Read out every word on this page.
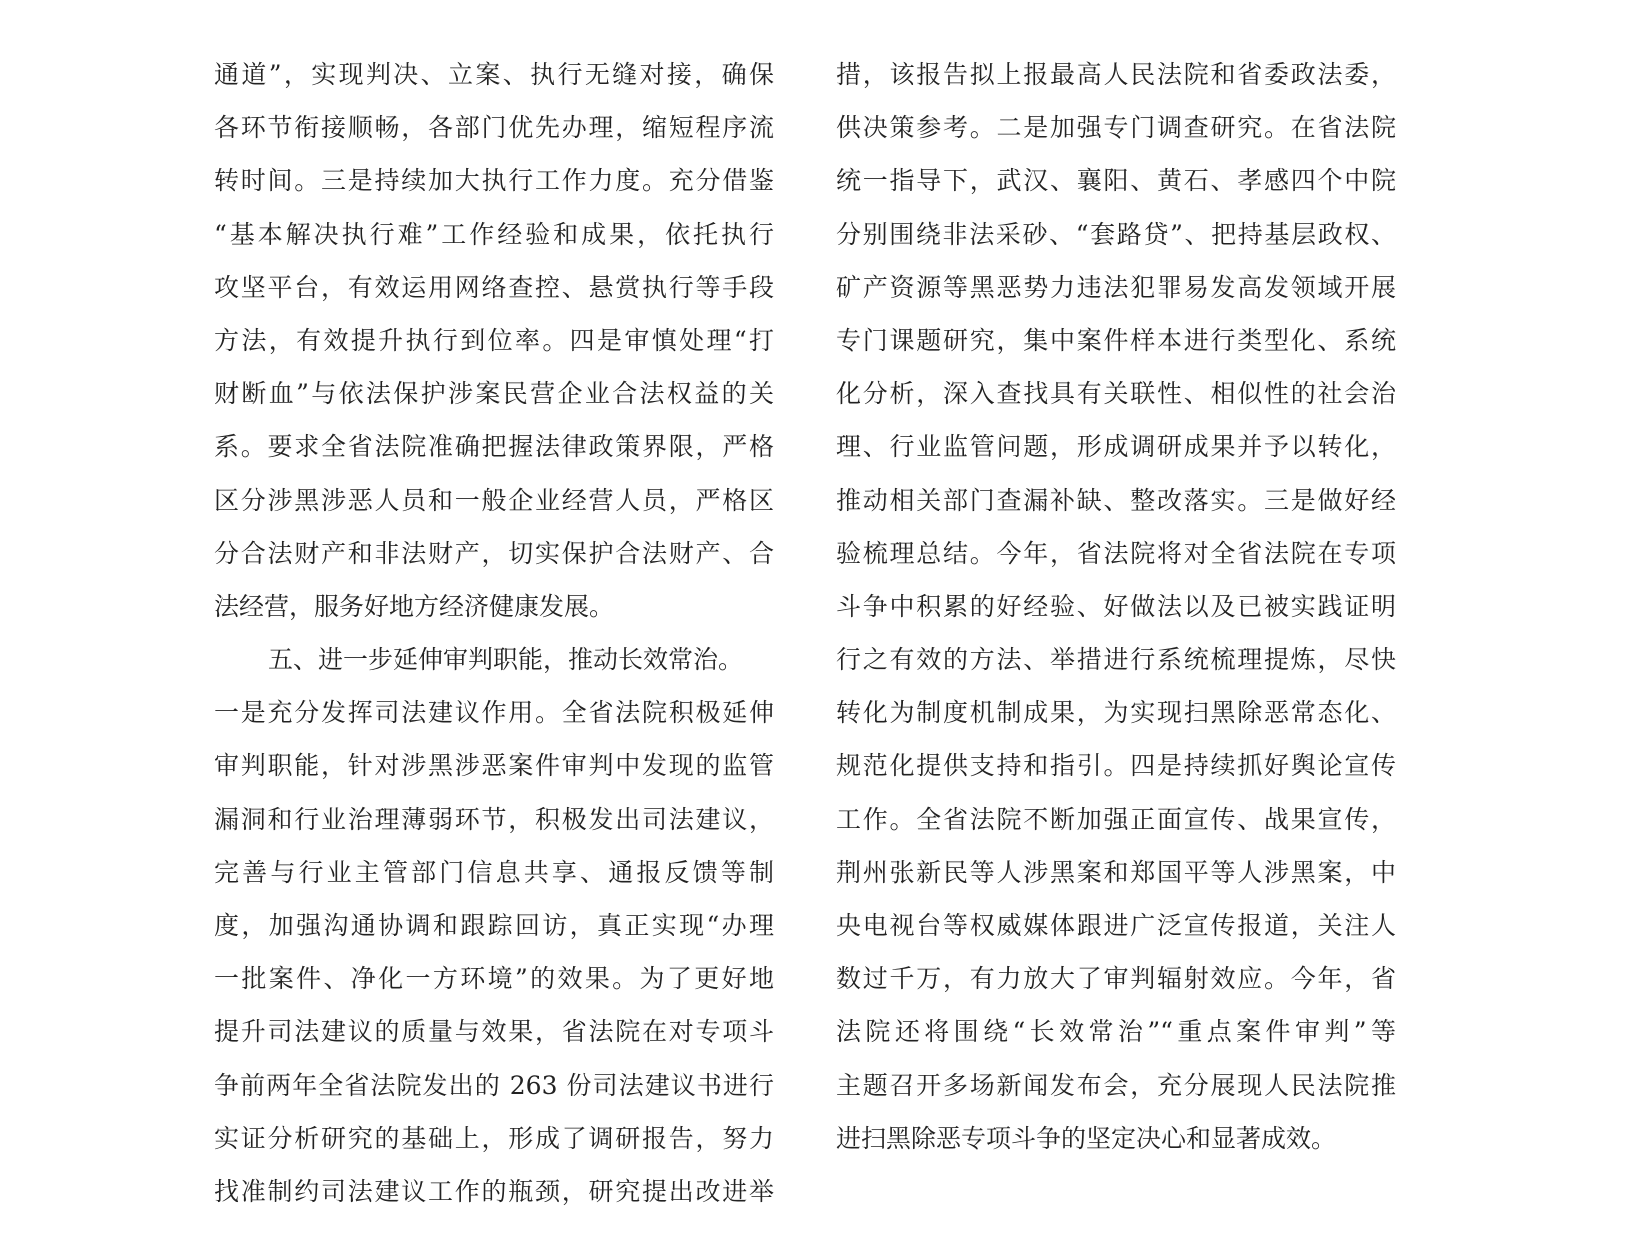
通道”，实现判决、立案、执行无缝对接，确保
各环节衔接顺畅，各部门优先办理，缩短程序流
转时间。三是持续加大执行工作力度。充分借鉴
“基本解决执行难”工作经验和成果，依托执行
攻坚平台，有效运用网络查控、悬赏执行等手段
方法，有效提升执行到位率。四是审慎处理“打
财断血”与依法保护涉案民营企业合法权益的关
系。要求全省法院准确把握法律政策界限，严格
区分涉黑涉恶人员和一般企业经营人员，严格区
分合法财产和非法财产，切实保护合法财产、合
法经营，服务好地方经济健康发展。
五、进一步延伸审判职能，推动长效常治。
一是充分发挥司法建议作用。全省法院积极延伸
审判职能，针对涉黑涉恶案件审判中发现的监管
漏洞和行业治理薄弱环节，积极发出司法建议，
完善与行业主管部门信息共享、通报反馈等制
度，加强沟通协调和跟踪回访，真正实现“办理
一批案件、净化一方环境”的效果。为了更好地
提升司法建议的质量与效果，省法院在对专项斗
争前两年全省法院发出的 263 份司法建议书进行
实证分析研究的基础上，形成了调研报告，努力
找准制约司法建议工作的瓶颈，研究提出改进举
措，该报告拟上报最高人民法院和省委政法委，
供决策参考。二是加强专门调查研究。在省法院
统一指导下，武汉、襄阳、黄石、孝感四个中院
分别围绕非法采砂、“套路贷”、把持基层政权、
矿产资源等黑恶势力违法犯罪易发高发领域开展
专门课题研究，集中案件样本进行类型化、系统
化分析，深入查找具有关联性、相似性的社会治
理、行业监管问题，形成调研成果并予以转化，
推动相关部门查漏补缺、整改落实。三是做好经
验梳理总结。今年，省法院将对全省法院在专项
斗争中积累的好经验、好做法以及已被实践证明
行之有效的方法、举措进行系统梳理提炼，尽快
转化为制度机制成果，为实现扫黑除恶常态化、
规范化提供支持和指引。四是持续抓好舆论宣传
工作。全省法院不断加强正面宣传、战果宣传，
荆州张新民等人涉黑案和郑国平等人涉黑案，中
央电视台等权威媒体跟进广泛宣传报道，关注人
数过千万，有力放大了审判辐射效应。今年，省
法院还将围绕“长效常治”“重点案件审判”等
主题召开多场新闻发布会，充分展现人民法院推
进扫黑除恶专项斗争的坚定决心和显著成效。
